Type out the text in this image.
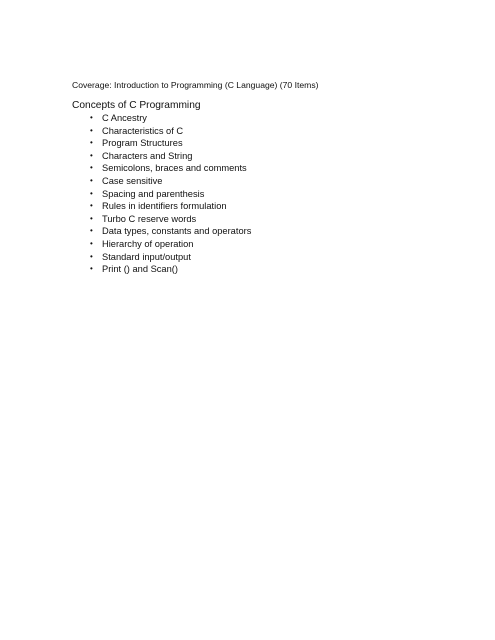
Coverage: Introduction to Programming (C Language) (70 Items)
Concepts of C Programming
• C Ancestry
• Characteristics of C
• Program Structures
• Characters and String
• Semicolons, braces and comments
• Case sensitive
• Spacing and parenthesis
• Rules in identifiers formulation
• Turbo C reserve words
• Data types, constants and operators
• Hierarchy of operation
• Standard input/output
• Print () and Scan()
